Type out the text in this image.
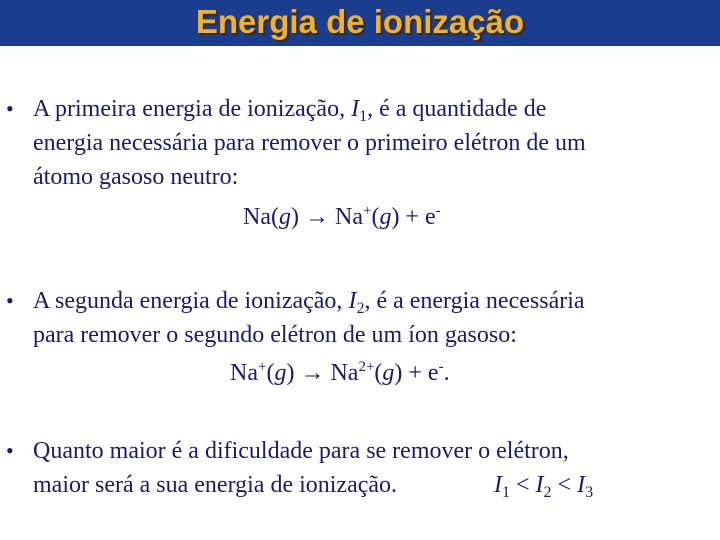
Energia de ionização
• A primeira energia de ionização, $I_1$, é a quantidade de
energia necessária para remover o primeiro elétron de um
átomo gasoso neutro:
Na(g) → Na+(g) + e-
• A segunda energia de ionização, $I_2$, é a energia necessária
para remover o segundo elétron de um íon gasoso:
$Na^+(g) \to Na^{2+}(g) + e^-$.
• Quanto maior é a dificuldade para se remover o elétron,
maior será a sua energia de ionização.	$I_1 < I_2 < I_3$
